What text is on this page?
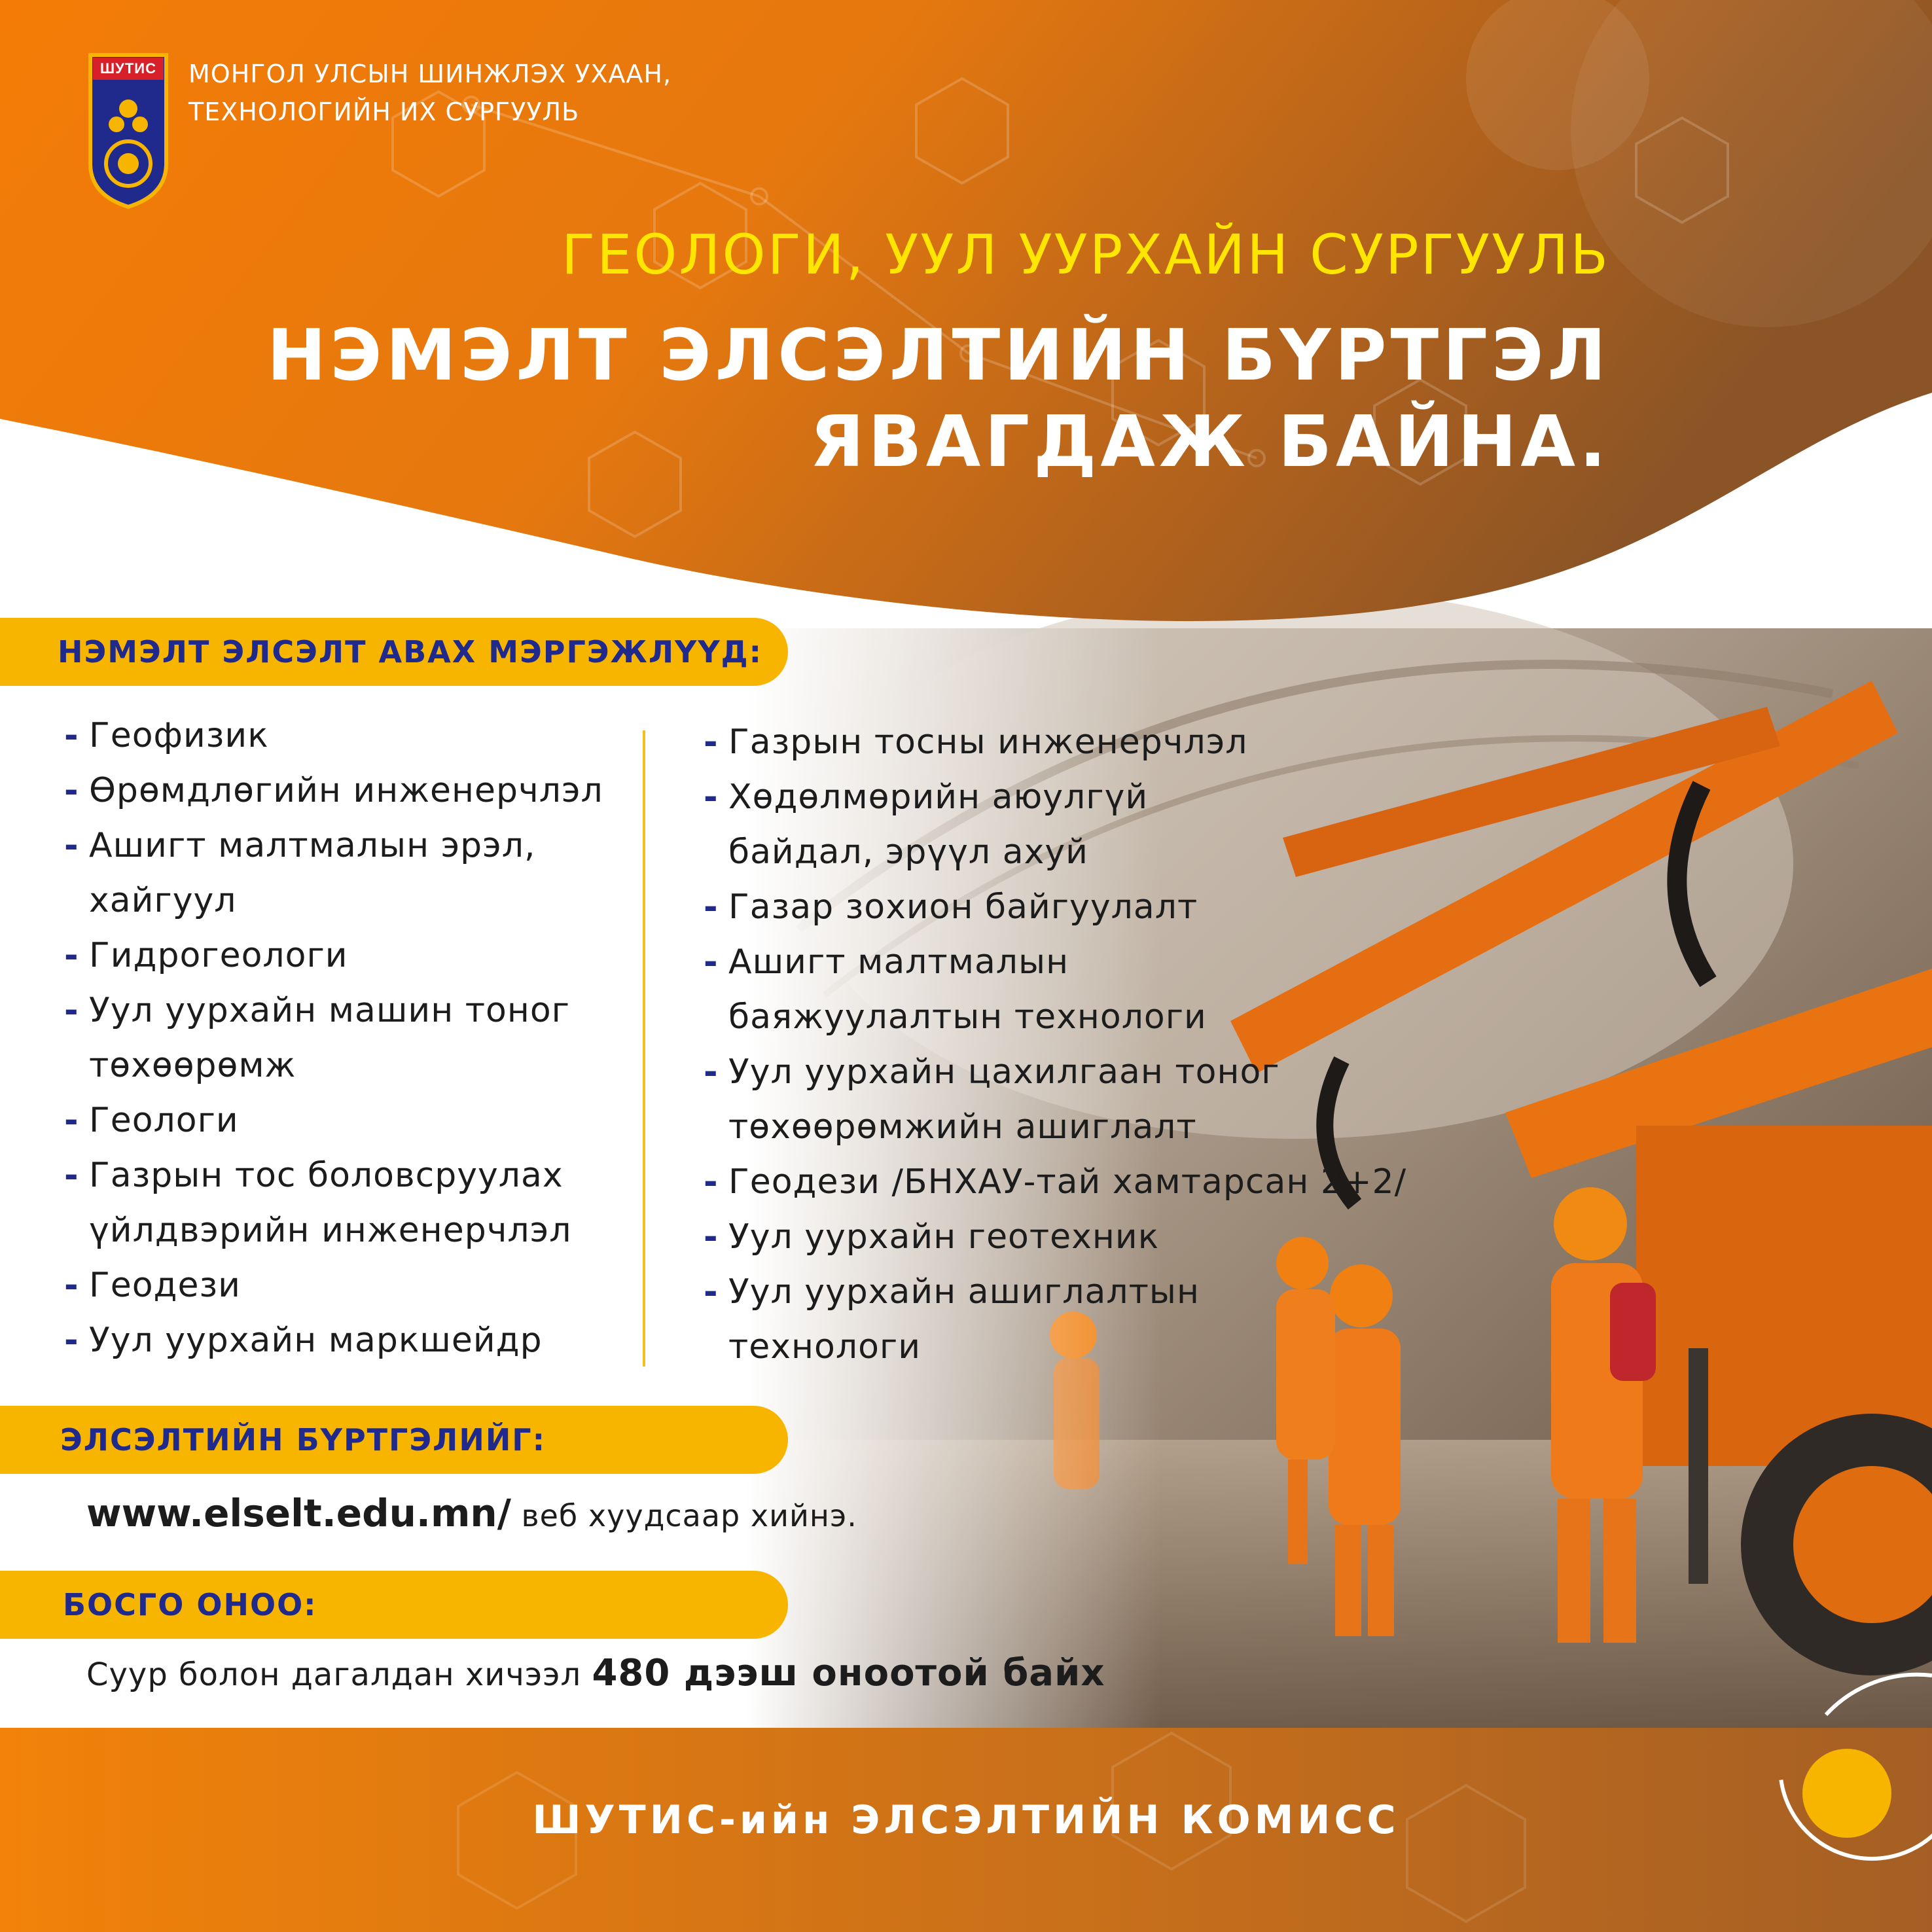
ШУТИС МОНГОЛ УЛСЫН ШИНЖЛЭХ УХААН,
ТЕХНОЛОГИЙН ИХ СУРГУУЛЬ
ГЕОЛОГИ, УУЛ УУРХАЙН СУРГУУЛЬ
НЭМЭЛТ ЭЛСЭЛТИЙН БҮРТГЭЛ
ЯВАГДАЖ БАЙНА.
НЭМЭЛТ ЭЛСЭЛТ АВАХ МЭРГЭЖЛҮҮД:
- Геофизик
- Өрөмдлөгийн инженерчлэл
- Ашигт малтмалын эрэл,
хайгуул
- Гидрогеологи
- Уул уурхайн машин тоног
төхөөрөмж
- Геологи
- Газрын тос боловсруулах
үйлдвэрийн инженерчлэл
- Геодези
- Уул уурхайн маркшейдр
- Газрын тосны инженерчлэл
- Хөдөлмөрийн аюулгүй
байдал, эрүүл ахуй
- Газар зохион байгуулалт
- Ашигт малтмалын
баяжуулалтын технологи
- Уул уурхайн цахилгаан тоног
төхөөрөмжийн ашиглалт
- Геодези /БНХАУ-тай хамтарсан 2+2/
- Уул уурхайн геотехник
- Уул уурхайн ашиглалтын
технологи
ЭЛСЭЛТИЙН БҮРТГЭЛИЙГ:
www.elselt.edu.mn/ веб хуудсаар хийнэ.
БОСГО ОНОО:
Суур болон дагалдан хичээл 480 дээш оноотой байх
ШУТИС-ийн ЭЛСЭЛТИЙН КОМИСС
